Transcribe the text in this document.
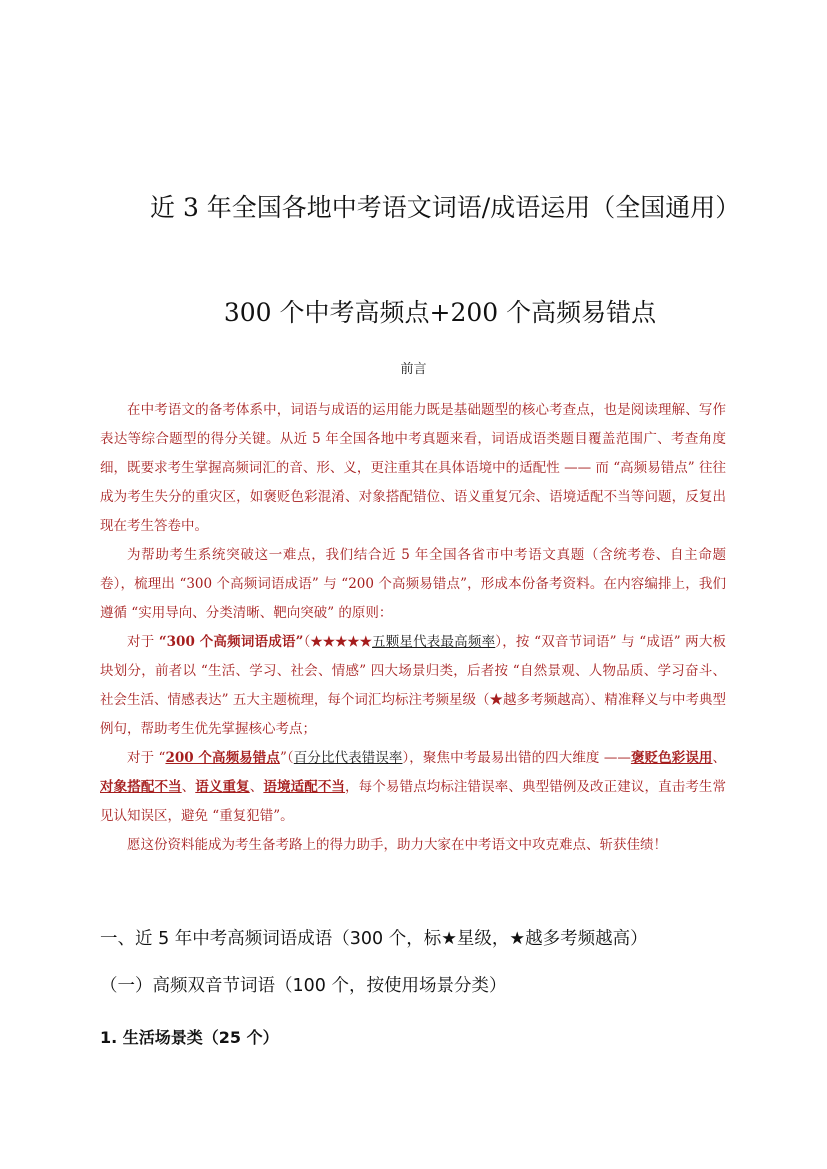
近 3 年全国各地中考语文词语/成语运用（全国通用）
300 个中考高频点+200 个高频易错点
前言

在中考语文的备考体系中，词语与成语的运用能力既是基础题型的核心考查点，也是阅读理解、写作表达等综合题型的得分关键。从近 5 年全国各地中考真题来看，词语成语类题目覆盖范围广、考查角度细，既要求考生掌握高频词汇的音、形、义，更注重其在具体语境中的适配性 —— 而 “高频易错点” 往往成为考生失分的重灾区，如褒贬色彩混淆、对象搭配错位、语义重复冗余、语境适配不当等问题，反复出现在考生答卷中。

为帮助考生系统突破这一难点，我们结合近 5 年全国各省市中考语文真题（含统考卷、自主命题卷），梳理出 “300 个高频词语成语” 与 “200 个高频易错点”，形成本份备考资料。在内容编排上，我们遵循 “实用导向、分类清晰、靶向突破” 的原则：

对于 “300 个高频词语成语”（★★★★★五颗星代表最高频率），按 “双音节词语” 与 “成语” 两大板块划分，前者以 “生活、学习、社会、情感” 四大场景归类，后者按 “自然景观、人物品质、学习奋斗、社会生活、情感表达” 五大主题梳理，每个词汇均标注考频星级（★越多考频越高）、精准释义与中考典型例句，帮助考生优先掌握核心考点；

对于 “200 个高频易错点”（百分比代表错误率），聚焦中考最易出错的四大维度 ——褒贬色彩误用、对象搭配不当、语义重复、语境适配不当，每个易错点均标注错误率、典型错例及改正建议，直击考生常见认知误区，避免 “重复犯错”。

愿这份资料能成为考生备考路上的得力助手，助力大家在中考语文中攻克难点、斩获佳绩！

一、近 5 年中考高频词语成语（300 个，标★星级，★越多考频越高）
（一）高频双音节词语（100 个，按使用场景分类）
1. 生活场景类（25 个）
